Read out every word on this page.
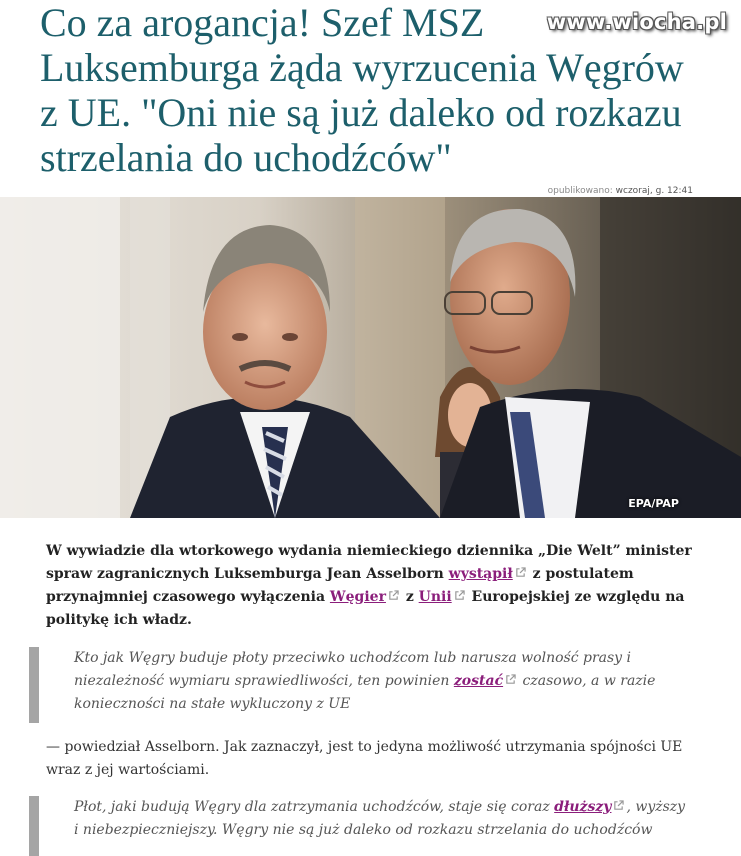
www.wiocha.pl
Co za arogancja! Szef MSZ Luksemburga żąda wyrzucenia Węgrów z UE. "Oni nie są już daleko od rozkazu strzelania do uchodźców"
opublikowano: wczoraj, g. 12:41
EPA/PAP
W wywiadzie dla wtorkowego wydania niemieckiego dziennika „Die Welt” minister spraw zagranicznych Luksemburga Jean Asselborn wystąpił z postulatem przynajmniej czasowego wyłączenia Węgier z Unii Europejskiej ze względu na politykę ich władz.
Kto jak Węgry buduje płoty przeciwko uchodźcom lub narusza wolność prasy i niezależność wymiaru sprawiedliwości, ten powinien zostać czasowo, a w razie konieczności na stałe wykluczony z UE

— powiedział Asselborn. Jak zaznaczył, jest to jedyna możliwość utrzymania spójności UE wraz z jej wartościami.

Płot, jaki budują Węgry dla zatrzymania uchodźców, staje się coraz dłuższy , wyższy i niebezpieczniejszy. Węgry nie są już daleko od rozkazu strzelania do uchodźców
